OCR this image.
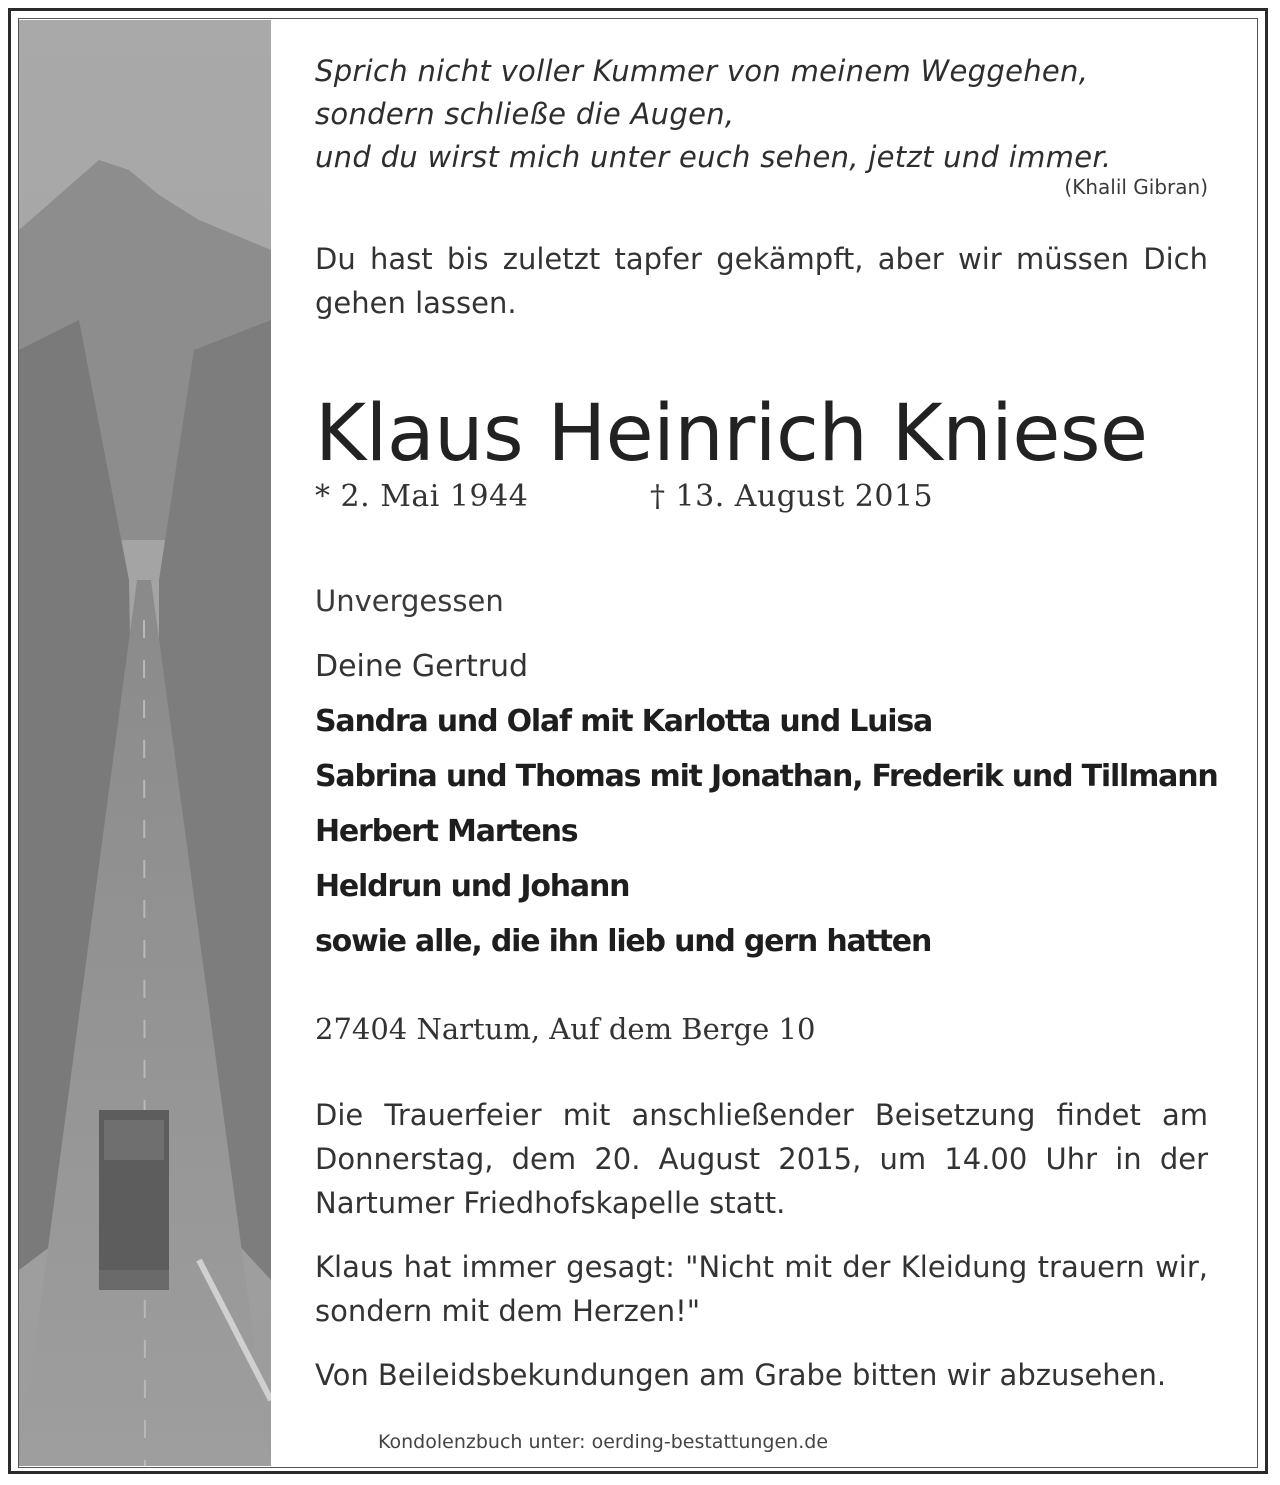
Sprich nicht voller Kummer von meinem Weggehen,
sondern schließe die Augen,
und du wirst mich unter euch sehen, jetzt und immer.
(Khalil Gibran)
Du hast bis zuletzt tapfer gekämpft, aber wir müssen Dich gehen lassen.
Klaus Heinrich Kniese
* 2. Mai 1944	† 13. August 2015
Unvergessen
Deine Gertrud
Sandra und Olaf mit Karlotta und Luisa
Sabrina und Thomas mit Jonathan, Frederik und Tillmann
Herbert Martens
Heldrun und Johann
sowie alle, die ihn lieb und gern hatten
27404 Nartum, Auf dem Berge 10
Die Trauerfeier mit anschließender Beisetzung findet am Donnerstag, dem 20. August 2015, um 14.00 Uhr in der Nartumer Friedhofskapelle statt.
Klaus hat immer gesagt: "Nicht mit der Kleidung trauern wir, sondern mit dem Herzen!"
Von Beileidsbekundungen am Grabe bitten wir abzusehen.
Kondolenzbuch unter: oerding-bestattungen.de
